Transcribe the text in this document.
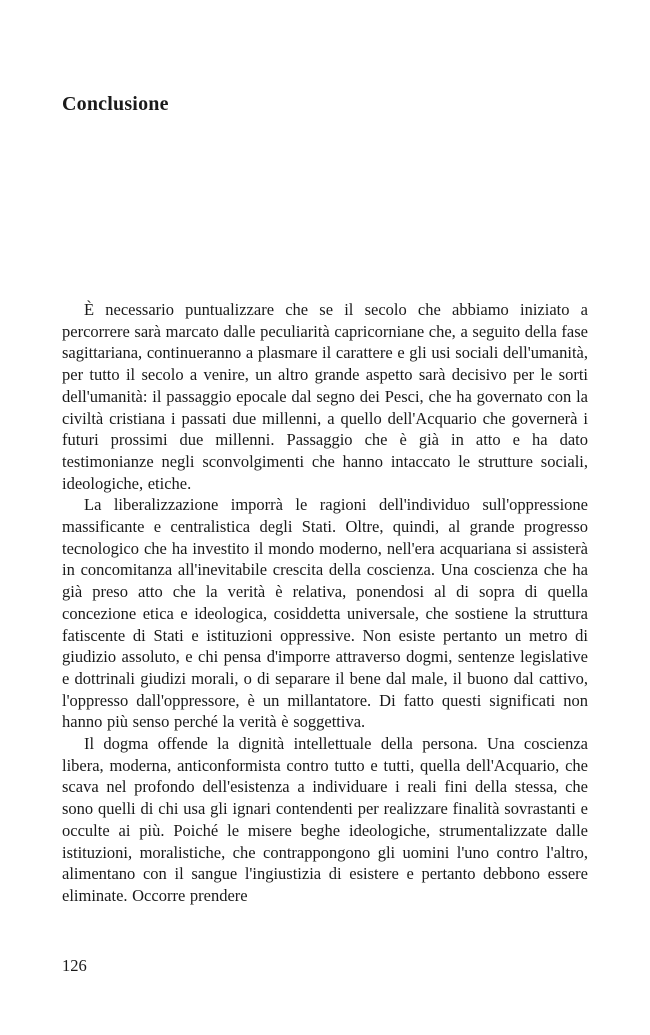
Conclusione

È necessario puntualizzare che se il secolo che abbiamo iniziato a percorrere sarà marcato dalle peculiarità capricorniane che, a seguito della fase sagittariana, continueranno a plasmare il carattere e gli usi sociali dell'umanità, per tutto il secolo a venire, un altro grande aspetto sarà decisivo per le sorti dell'umanità: il passaggio epocale dal segno dei Pesci, che ha governato con la civiltà cristiana i passati due millenni, a quello dell'Acquario che governerà i futuri prossimi due millenni. Passaggio che è già in atto e ha dato testimonianze negli sconvolgimenti che hanno intaccato le strutture sociali, ideologiche, etiche.

La liberalizzazione imporrà le ragioni dell'individuo sull'oppressione massificante e centralistica degli Stati. Oltre, quindi, al grande progresso tecnologico che ha investito il mondo moderno, nell'era acquariana si assisterà in concomitanza all'inevitabile crescita della coscienza. Una coscienza che ha già preso atto che la verità è relativa, ponendosi al di sopra di quella concezione etica e ideologica, cosiddetta universale, che sostiene la struttura fatiscente di Stati e istituzioni oppressive. Non esiste pertanto un metro di giudizio assoluto, e chi pensa d'imporre attraverso dogmi, sentenze legislative e dottrinali giudizi morali, o di separare il bene dal male, il buono dal cattivo, l'oppresso dall'oppressore, è un millantatore. Di fatto questi significati non hanno più senso perché la verità è soggettiva.

Il dogma offende la dignità intellettuale della persona. Una coscienza libera, moderna, anticonformista contro tutto e tutti, quella dell'Acquario, che scava nel profondo dell'esistenza a individuare i reali fini della stessa, che sono quelli di chi usa gli ignari contendenti per realizzare finalità sovrastanti e occulte ai più. Poiché le misere beghe ideologiche, strumentalizzate dalle istituzioni, moralistiche, che contrappongono gli uomini l'uno contro l'altro, alimentano con il sangue l'ingiustizia di esistere e pertanto debbono essere eliminate. Occorre prendere

126
